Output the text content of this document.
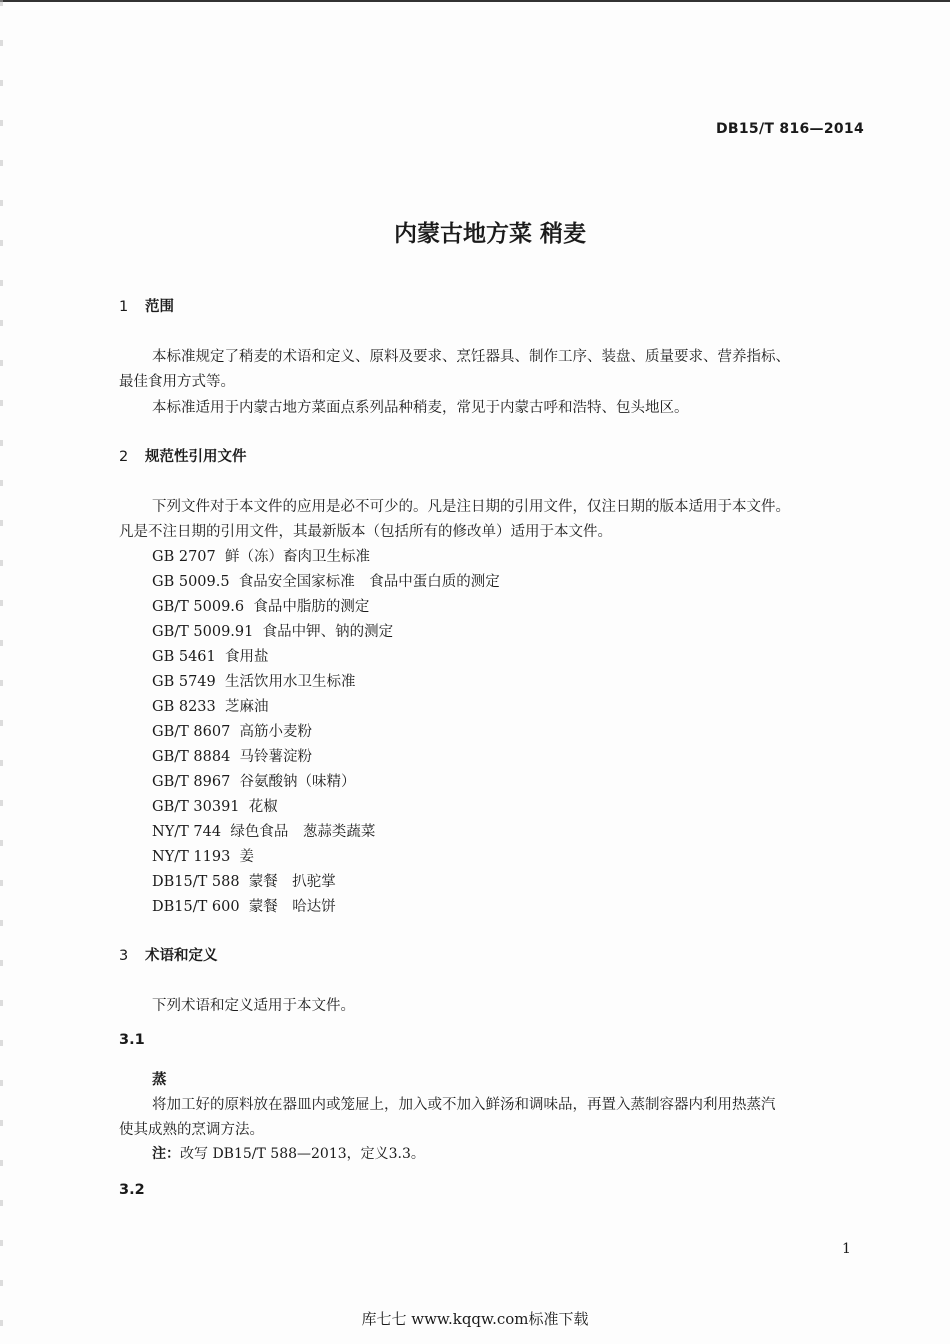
DB15/T 816—2014
内蒙古地方菜 稍麦
1 范围
本标准规定了稍麦的术语和定义、原料及要求、烹饪器具、制作工序、装盘、质量要求、营养指标、
最佳食用方式等。
本标准适用于内蒙古地方菜面点系列品种稍麦，常见于内蒙古呼和浩特、包头地区。
2 规范性引用文件
下列文件对于本文件的应用是必不可少的。凡是注日期的引用文件，仅注日期的版本适用于本文件。
凡是不注日期的引用文件，其最新版本（包括所有的修改单）适用于本文件。
GB 2707 鲜（冻）畜肉卫生标准
GB 5009.5 食品安全国家标准　食品中蛋白质的测定
GB/T 5009.6 食品中脂肪的测定
GB/T 5009.91 食品中钾、钠的测定
GB 5461 食用盐
GB 5749 生活饮用水卫生标准
GB 8233 芝麻油
GB/T 8607 高筋小麦粉
GB/T 8884 马铃薯淀粉
GB/T 8967 谷氨酸钠（味精）
GB/T 30391 花椒
NY/T 744 绿色食品　葱蒜类蔬菜
NY/T 1193 姜
DB15/T 588 蒙餐　扒驼掌
DB15/T 600 蒙餐　哈达饼
3 术语和定义
下列术语和定义适用于本文件。
3.1
蒸
将加工好的原料放在器皿内或笼屉上，加入或不加入鲜汤和调味品，再置入蒸制容器内利用热蒸汽
使其成熟的烹调方法。
注：改写 DB15/T 588—2013，定义3.3。
3.2
1
库七七 www.kqqw.com标准下载
